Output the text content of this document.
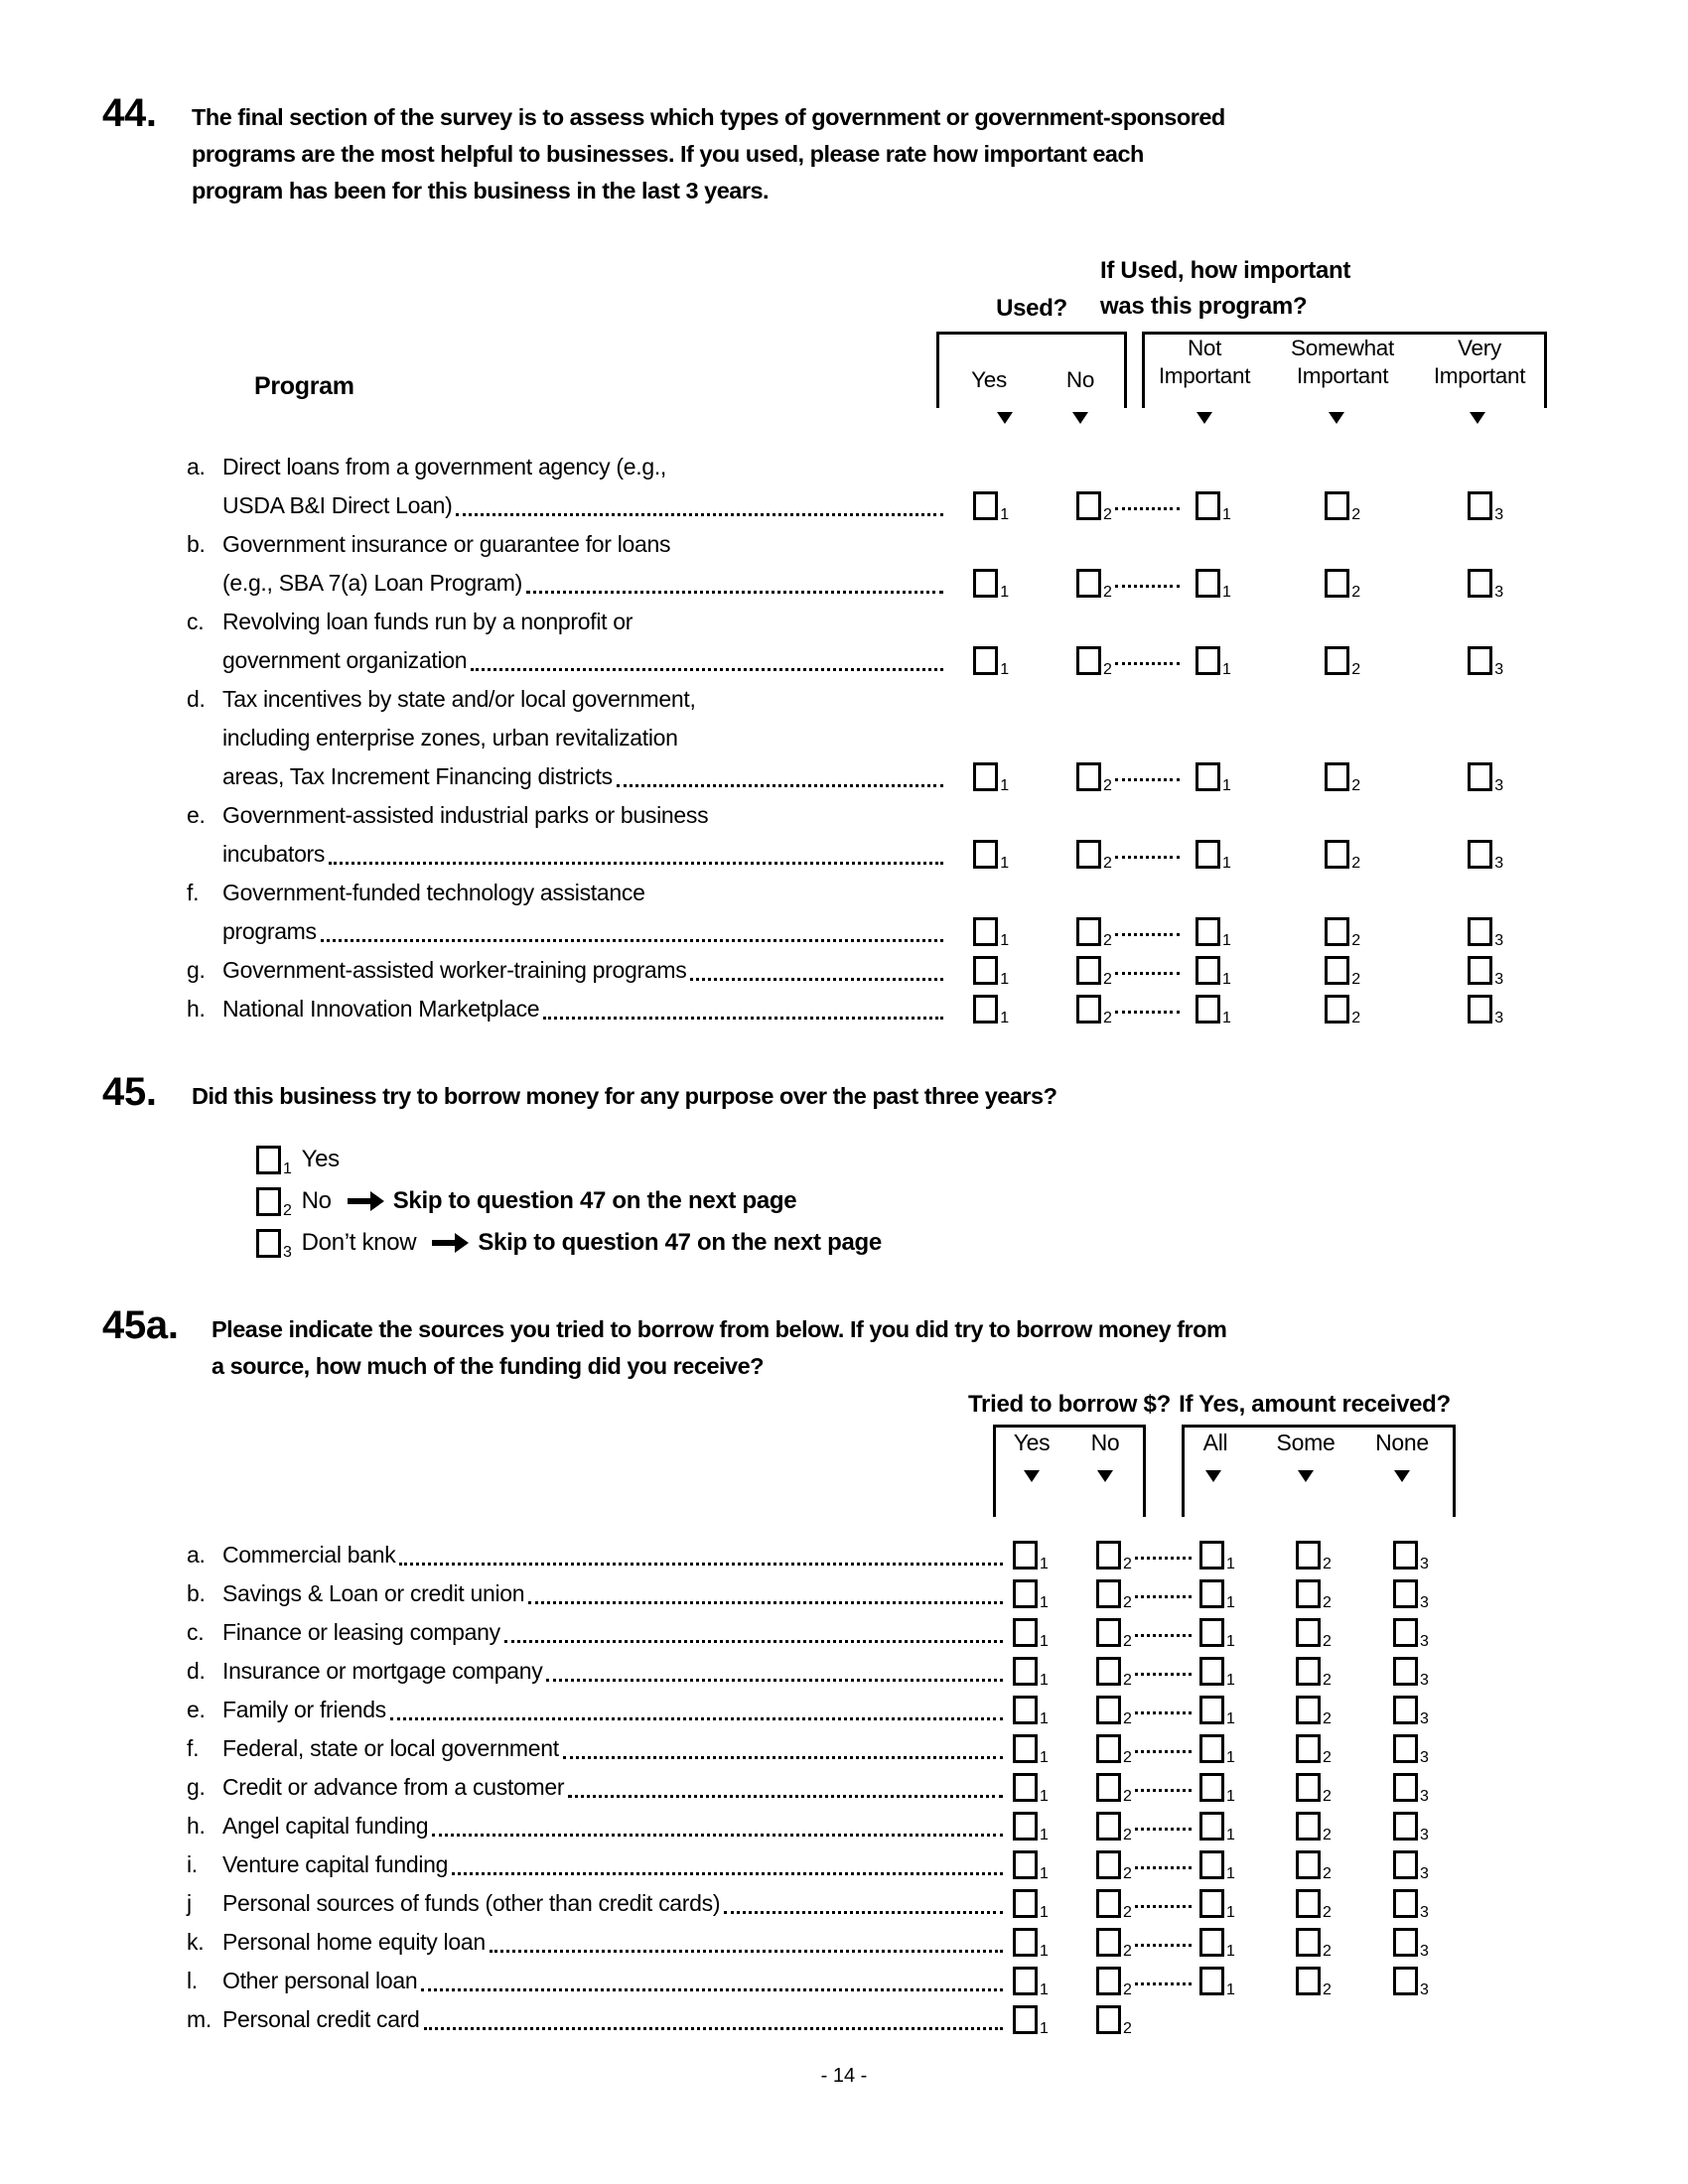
44.	The final section of the survey is to assess which types of government or government-sponsored
programs are the most helpful to businesses. If you used, please rate how important each
program has been for this business in the last 3 years.
If Used, how important
was this program?
Used?
Yes	No
Not
Important
Somewhat
Important
Very
Important
Program
a. Direct loans from a government agency (e.g.,
USDA B&I Direct Loan)	1	2	1	2	3
b. Government insurance or guarantee for loans
(e.g., SBA 7(a) Loan Program)	1	2	1	2	3
c. Revolving loan funds run by a nonprofit or
government organization	1	2	1	2	3
d. Tax incentives by state and/or local government,
including enterprise zones, urban revitalization
areas, Tax Increment Financing districts	1	2	1	2	3
e. Government-assisted industrial parks or business
incubators	1	2	1	2	3
f.	Government-funded technology assistance
programs	1	2	1	2	3
g. Government-assisted worker-training programs	1	2	1	2	3
h. National Innovation Marketplace	1	2	1	2	3
45.	Did this business try to borrow money for any purpose over the past three years?
1 Yes
2 No	Skip to question 47 on the next page
3 Don’t know	Skip to question 47 on the next page
45a.	Please indicate the sources you tried to borrow from below. If you did try to borrow money from
a source, how much of the funding did you receive?
Tried to borrow $? If Yes, amount received?
Yes	No	All	Some	None
a. Commercial bank	1	2	1	2	3
b. Savings & Loan or credit union	1	2	1	2	3
c. Finance or leasing company	1	2	1	2	3
d. Insurance or mortgage company	1	2	1	2	3
e. Family or friends	1	2	1	2	3
f.	Federal, state or local government	1	2	1	2	3
g. Credit or advance from a customer	1	2	1	2	3
h. Angel capital funding	1	2	1	2	3
i.	Venture capital funding	1	2	1	2	3
j	Personal sources of funds (other than credit cards)	1	2	1	2	3
k. Personal home equity loan	1	2	1	2	3
l.	Other personal loan	1	2	1	2	3
m. Personal credit card	1	2
- 14 -
